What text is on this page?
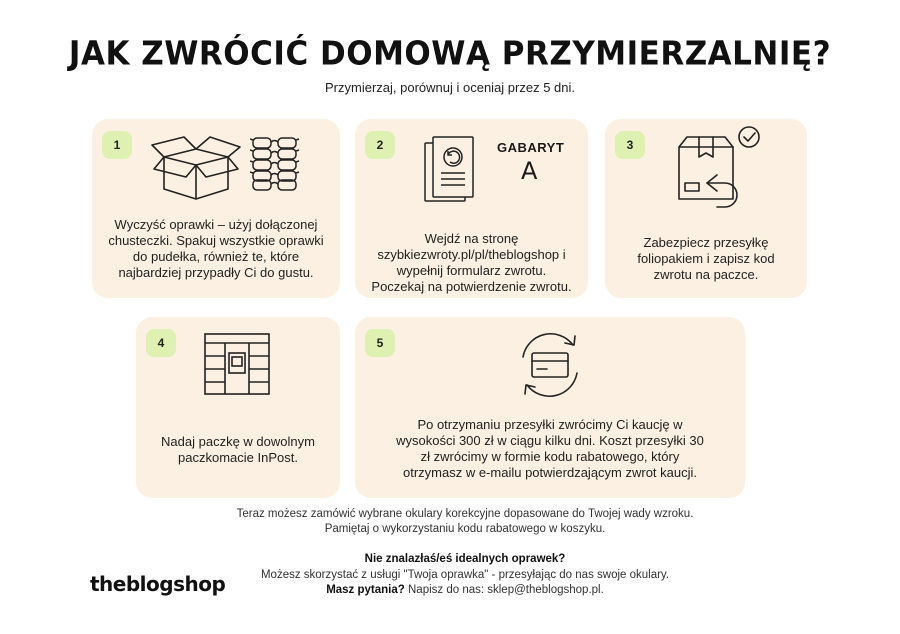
JAK ZWRÓCIĆ DOMOWĄ PRZYMIERZALNIĘ?
Przymierzaj, porównuj i oceniaj przez 5 dni.
1
Wyczyść oprawki – użyj dołączonej chusteczki. Spakuj wszystkie oprawki do pudełka, również te, które najbardziej przypadły Ci do gustu.
2	GABARYT
A
Wejdź na stronę szybkiezwroty.pl/pl/theblogshop i wypełnij formularz zwrotu. Poczekaj na potwierdzenie zwrotu.
3
Zabezpiecz przesyłkę foliopakiem i zapisz kod zwrotu na paczce.
4
Nadaj paczkę w dowolnym paczkomacie InPost.
5
Po otrzymaniu przesyłki zwrócimy Ci kaucję w wysokości 300 zł w ciągu kilku dni. Koszt przesyłki 30 zł zwrócimy w formie kodu rabatowego, który otrzymasz w e-mailu potwierdzającym zwrot kaucji.
Teraz możesz zamówić wybrane okulary korekcyjne dopasowane do Twojej wady wzroku.
Pamiętaj o wykorzystaniu kodu rabatowego w koszyku.
Nie znalazłaś/eś idealnych oprawek?
Możesz skorzystać z usługi "Twoja oprawka" - przesyłając do nas swoje okulary.
Masz pytania? Napisz do nas: sklep@theblogshop.pl.
theblogshop
